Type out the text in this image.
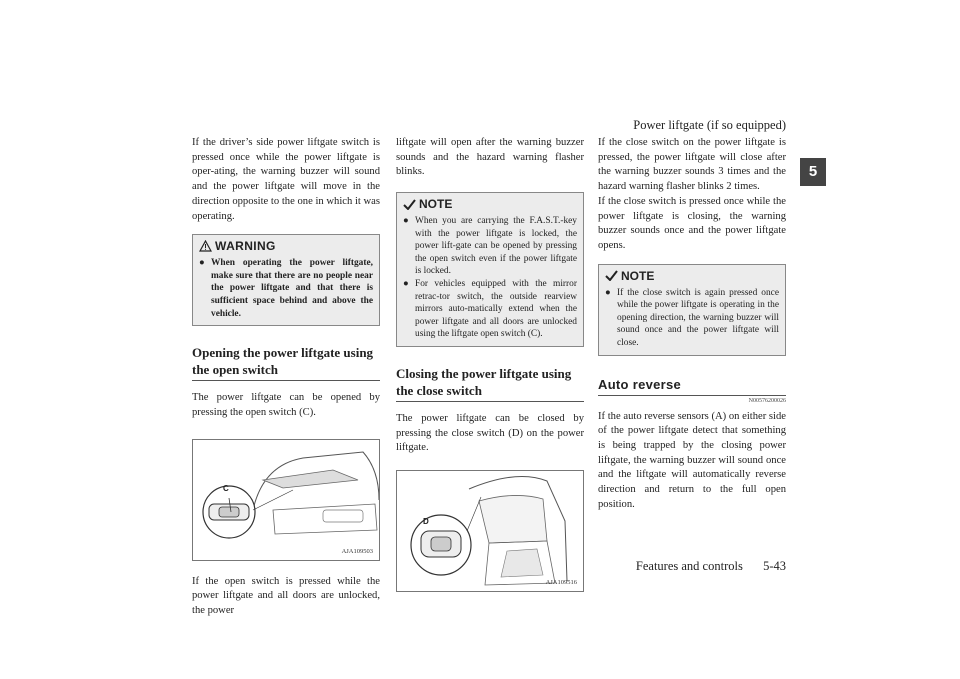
Power liftgate (if so equipped)
5

If the driver’s side power liftgate switch is pressed once while the power liftgate is oper-ating, the warning buzzer will sound and the power liftgate will move in the direction opposite to the one in which it was operating.

WARNING
● When operating the power liftgate, make sure that there are no people near the power liftgate and that there is sufficient space behind and above the vehicle.
Opening the power liftgate using the open switch

The power liftgate can be opened by pressing the open switch (C).

C
AJA109503

If the open switch is pressed while the power liftgate and all doors are unlocked, the power

liftgate will open after the warning buzzer sounds and the hazard warning flasher blinks.

NOTE
● When you are carrying the F.A.S.T.-key with the power liftgate is locked, the power lift-gate can be opened by pressing the open switch even if the power liftgate is locked.
● For vehicles equipped with the mirror retrac-tor switch, the outside rearview mirrors auto-matically extend when the power liftgate and all doors are unlocked using the liftgate open switch (C).
Closing the power liftgate using the close switch

The power liftgate can be closed by pressing the close switch (D) on the power liftgate.

D
AJA109516

If the close switch on the power liftgate is pressed, the power liftgate will close after the warning buzzer sounds 3 times and the hazard warning flasher blinks 2 times.

If the close switch is pressed once while the power liftgate is closing, the warning buzzer sounds once and the power liftgate opens.

NOTE
● If the close switch is again pressed once while the power liftgate is operating in the opening direction, the warning buzzer will sound once and the power liftgate will close.
Auto reverse
N00576200026

If the auto reverse sensors (A) on either side of the power liftgate detect that something is being trapped by the closing power liftgate, the warning buzzer will sound once and the liftgate will automatically reverse direction and return to the full open position.

Features and controls 5-43
